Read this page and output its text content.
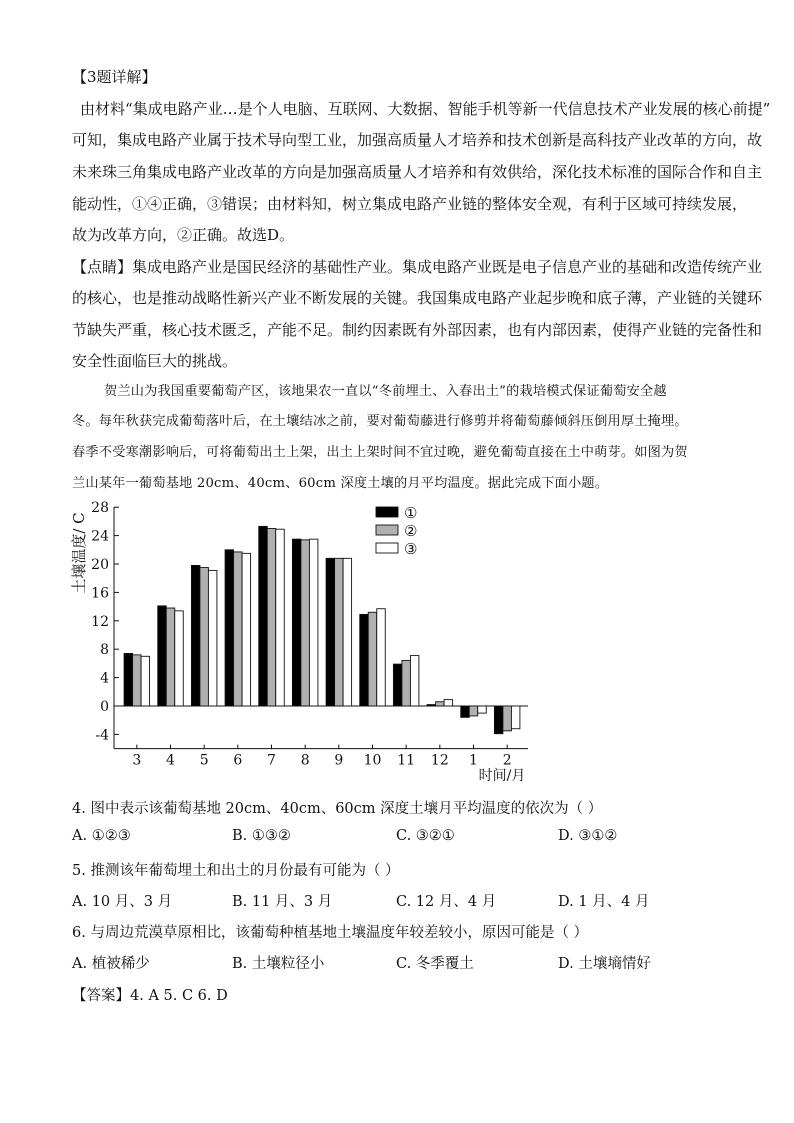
【3题详解】
由材料“集成电路产业…是个人电脑、互联网、大数据、智能手机等新一代信息技术产业发展的核心前提”
可知，集成电路产业属于技术导向型工业，加强高质量人才培养和技术创新是高科技产业改革的方向，故
未来珠三角集成电路产业改革的方向是加强高质量人才培养和有效供给，深化技术标准的国际合作和自主
能动性，①④正确，③错误；由材料知，树立集成电路产业链的整体安全观，有利于区域可持续发展，
故为改革方向，②正确。故选D。
【点睛】集成电路产业是国民经济的基础性产业。集成电路产业既是电子信息产业的基础和改造传统产业
的核心，也是推动战略性新兴产业不断发展的关键。我国集成电路产业起步晚和底子薄，产业链的关键环
节缺失严重，核心技术匮乏，产能不足。制约因素既有外部因素，也有内部因素，使得产业链的完备性和
安全性面临巨大的挑战。
贺兰山为我国重要葡萄产区，该地果农一直以“冬前埋土、入春出土”的栽培模式保证葡萄安全越
冬。每年秋获完成葡萄落叶后，在土壤结冰之前，要对葡萄藤进行修剪并将葡萄藤倾斜压倒用厚土掩埋。
春季不受寒潮影响后，可将葡萄出土上架，出土上架时间不宜过晚，避免葡萄直接在土中萌芽。如图为贺
兰山某年一葡萄基地 20cm、40cm、60cm 深度土壤的月平均温度。据此完成下面小题。
28
24
20
16
12
8
4
0
-4
3 4 5 6 7 8 9 10 11 12 1 2
①
②
③
土壤温度/ C
时间/月
4. 图中表示该葡萄基地 20cm、40cm、60cm 深度土壤月平均温度的依次为（ ）
A. ①②③	B. ①③②	C. ③②①	D. ③①②
5. 推测该年葡萄埋土和出土的月份最有可能为（ ）
A. 10 月、3 月	B. 11 月、3 月	C. 12 月、4 月	D. 1 月、4 月
6. 与周边荒漠草原相比，该葡萄种植基地土壤温度年较差较小，原因可能是（ ）
A. 植被稀少	B. 土壤粒径小	C. 冬季覆土	D. 土壤墒情好
【答案】4. A 5. C 6. D
